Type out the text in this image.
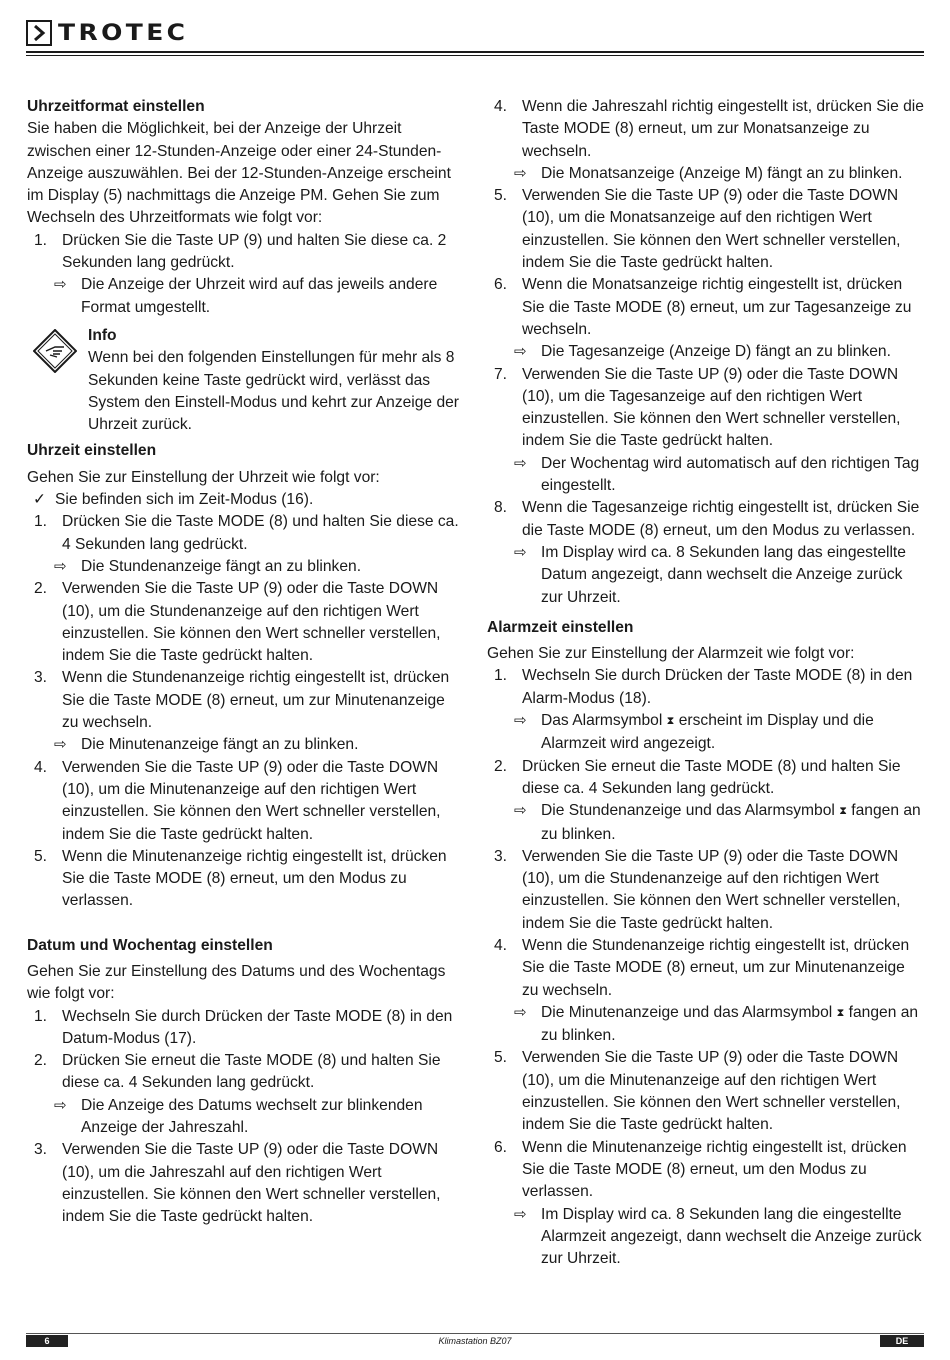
TROTEC

Uhrzeitformat einstellen

Sie haben die Möglichkeit, bei der Anzeige der Uhrzeit zwischen einer 12-Stunden-Anzeige oder einer 24-Stunden-Anzeige auszuwählen. Bei der 12-Stunden-Anzeige erscheint im Display (5) nachmittags die Anzeige PM. Gehen Sie zum Wechseln des Uhrzeitformats wie folgt vor:

1. Drücken Sie die Taste UP (9) und halten Sie diese ca. 2 Sekunden lang gedrückt.
⇨ Die Anzeige der Uhrzeit wird auf das jeweils andere Format umgestellt.

Info

Wenn bei den folgenden Einstellungen für mehr als 8 Sekunden keine Taste gedrückt wird, verlässt das System den Einstell-Modus und kehrt zur Anzeige der Uhrzeit zurück.

Uhrzeit einstellen

Gehen Sie zur Einstellung der Uhrzeit wie folgt vor:

✓ Sie befinden sich im Zeit-Modus (16).
1. Drücken Sie die Taste MODE (8) und halten Sie diese ca. 4 Sekunden lang gedrückt.
⇨ Die Stundenanzeige fängt an zu blinken.
2. Verwenden Sie die Taste UP (9) oder die Taste DOWN (10), um die Stundenanzeige auf den richtigen Wert einzustellen. Sie können den Wert schneller verstellen, indem Sie die Taste gedrückt halten.
3. Wenn die Stundenanzeige richtig eingestellt ist, drücken Sie die Taste MODE (8) erneut, um zur Minutenanzeige zu wechseln.
⇨ Die Minutenanzeige fängt an zu blinken.
4. Verwenden Sie die Taste UP (9) oder die Taste DOWN (10), um die Minutenanzeige auf den richtigen Wert einzustellen. Sie können den Wert schneller verstellen, indem Sie die Taste gedrückt halten.
5. Wenn die Minutenanzeige richtig eingestellt ist, drücken Sie die Taste MODE (8) erneut, um den Modus zu verlassen.

Datum und Wochentag einstellen

Gehen Sie zur Einstellung des Datums und des Wochentags wie folgt vor:

1. Wechseln Sie durch Drücken der Taste MODE (8) in den Datum-Modus (17).
2. Drücken Sie erneut die Taste MODE (8) und halten Sie diese ca. 4 Sekunden lang gedrückt.
⇨ Die Anzeige des Datums wechselt zur blinkenden Anzeige der Jahreszahl.
3. Verwenden Sie die Taste UP (9) oder die Taste DOWN (10), um die Jahreszahl auf den richtigen Wert einzustellen. Sie können den Wert schneller verstellen, indem Sie die Taste gedrückt halten.
4. Wenn die Jahreszahl richtig eingestellt ist, drücken Sie die Taste MODE (8) erneut, um zur Monatsanzeige zu wechseln.
⇨ Die Monatsanzeige (Anzeige M) fängt an zu blinken.
5. Verwenden Sie die Taste UP (9) oder die Taste DOWN (10), um die Monatsanzeige auf den richtigen Wert einzustellen. Sie können den Wert schneller verstellen, indem Sie die Taste gedrückt halten.
6. Wenn die Monatsanzeige richtig eingestellt ist, drücken Sie die Taste MODE (8) erneut, um zur Tagesanzeige zu wechseln.
⇨ Die Tagesanzeige (Anzeige D) fängt an zu blinken.
7. Verwenden Sie die Taste UP (9) oder die Taste DOWN (10), um die Tagesanzeige auf den richtigen Wert einzustellen. Sie können den Wert schneller verstellen, indem Sie die Taste gedrückt halten.
⇨ Der Wochentag wird automatisch auf den richtigen Tag eingestellt.
8. Wenn die Tagesanzeige richtig eingestellt ist, drücken Sie die Taste MODE (8) erneut, um den Modus zu verlassen.
⇨ Im Display wird ca. 8 Sekunden lang das eingestellte Datum angezeigt, dann wechselt die Anzeige zurück zur Uhrzeit.

Alarmzeit einstellen

Gehen Sie zur Einstellung der Alarmzeit wie folgt vor:

1. Wechseln Sie durch Drücken der Taste MODE (8) in den Alarm-Modus (18).
⇨ Das Alarmsymbol ⧗ erscheint im Display und die Alarmzeit wird angezeigt.
2. Drücken Sie erneut die Taste MODE (8) und halten Sie diese ca. 4 Sekunden lang gedrückt.
⇨ Die Stundenanzeige und das Alarmsymbol ⧗ fangen an zu blinken.
3. Verwenden Sie die Taste UP (9) oder die Taste DOWN (10), um die Stundenanzeige auf den richtigen Wert einzustellen. Sie können den Wert schneller verstellen, indem Sie die Taste gedrückt halten.
4. Wenn die Stundenanzeige richtig eingestellt ist, drücken Sie die Taste MODE (8) erneut, um zur Minutenanzeige zu wechseln.
⇨ Die Minutenanzeige und das Alarmsymbol ⧗ fangen an zu blinken.
5. Verwenden Sie die Taste UP (9) oder die Taste DOWN (10), um die Minutenanzeige auf den richtigen Wert einzustellen. Sie können den Wert schneller verstellen, indem Sie die Taste gedrückt halten.
6. Wenn die Minutenanzeige richtig eingestellt ist, drücken Sie die Taste MODE (8) erneut, um den Modus zu verlassen.
⇨ Im Display wird ca. 8 Sekunden lang die eingestellte Alarmzeit angezeigt, dann wechselt die Anzeige zurück zur Uhrzeit.
6	Klimastation BZ07	DE
